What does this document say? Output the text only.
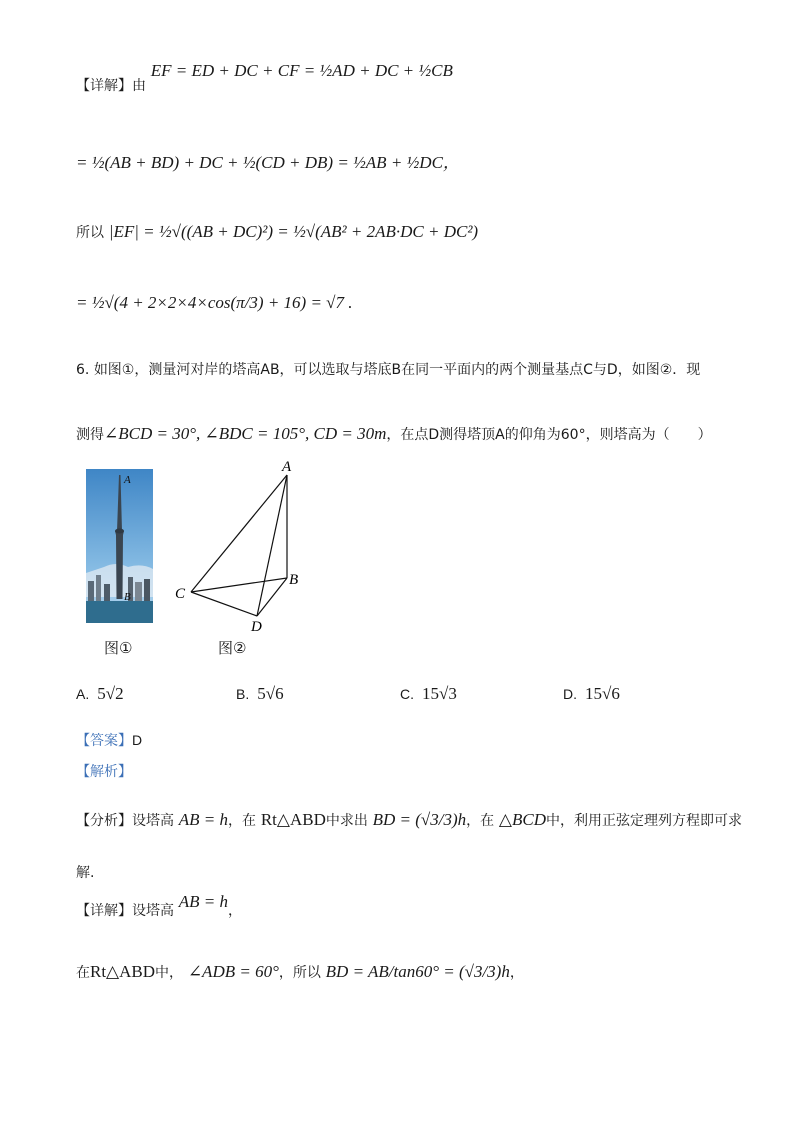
【详解】由 EF = ED + DC + CF = ½AD + DC + ½CB
= ½(AB + BD) + DC + ½(CD + DB) = ½AB + ½DC，
所以 |EF| = ½√((AB + DC)²) = ½√(AB² + 2AB·DC + DC²)
= ½√(4 + 2×2×4×cos(π/3) + 16) = √7 .
6. 如图①，测量河对岸的塔高AB，可以选取与塔底B在同一平面内的两个测量基点C与D，如图②．现
测得∠BCD = 30°, ∠BDC = 105°, CD = 30m，在点D测得塔顶A的仰角为60°，则塔高为（　　）
A
B
A
B
C
D
图①	图②
A. 5√2	B. 5√6	C. 15√3	D. 15√6
【答案】D
【解析】
【分析】设塔高 AB = h，在 Rt△ABD中求出 BD = (√3/3)h，在 △BCD中，利用正弦定理列方程即可求
解.
【详解】设塔高 AB = h，
在Rt△ABD中， ∠ADB = 60°，所以 BD = AB/tan60° = (√3/3)h，
